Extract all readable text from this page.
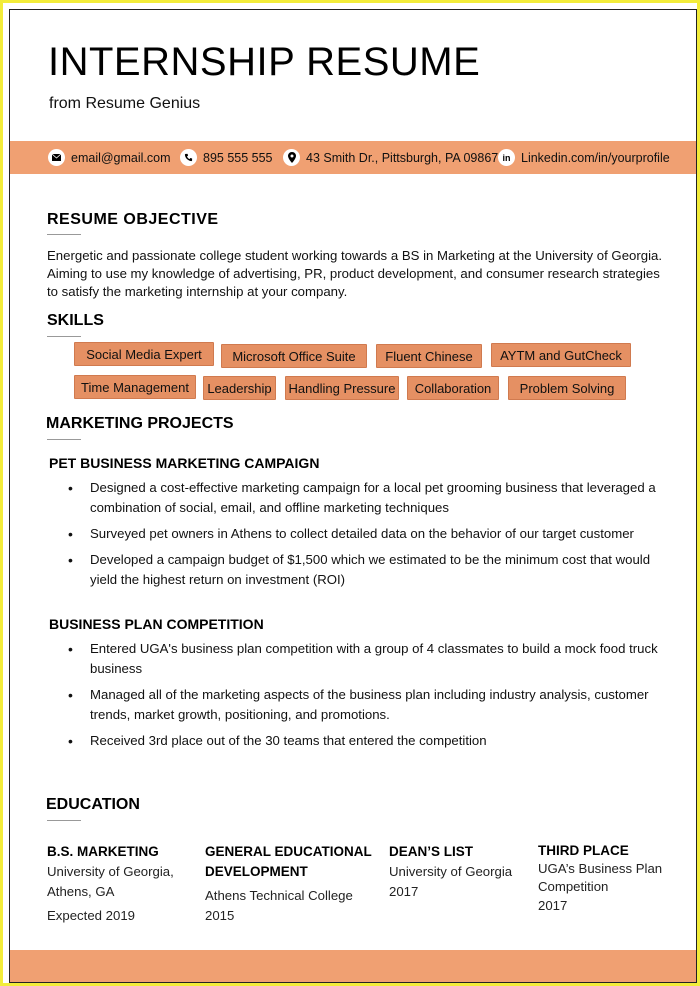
INTERNSHIP RESUME
from Resume Genius
email@gmail.com	895 555 555	43 Smith Dr., Pittsburgh, PA 09867 in Linkedin.com/in/yourprofile
RESUME OBJECTIVE
Energetic and passionate college student working towards a BS in Marketing at the University of Georgia. Aiming to use my knowledge of advertising, PR, product development, and consumer research strategies to satisfy the marketing internship at your company.
SKILLS
Social Media Expert	Microsoft Office Suite	Fluent Chinese	AYTM and GutCheck
Time Management	Leadership	Handling Pressure	Collaboration	Problem Solving
MARKETING PROJECTS
PET BUSINESS MARKETING CAMPAIGN
• Designed a cost-effective marketing campaign for a local pet grooming business that leveraged a combination of social, email, and offline marketing techniques
• Surveyed pet owners in Athens to collect detailed data on the behavior of our target customer
• Developed a campaign budget of $1,500 which we estimated to be the minimum cost that would yield the highest return on investment (ROI)
BUSINESS PLAN COMPETITION
• Entered UGA's business plan competition with a group of 4 classmates to build a mock food truck business
• Managed all of the marketing aspects of the business plan including industry analysis, customer trends, market growth, positioning, and promotions.
• Received 3rd place out of the 30 teams that entered the competition
EDUCATION
B.S. MARKETING
University of Georgia,
Athens, GA
Expected 2019
GENERAL EDUCATIONAL
DEVELOPMENT
Athens Technical College
2015
DEAN’S LIST
University of Georgia
2017
THIRD PLACE
UGA’s Business Plan
Competition
2017
